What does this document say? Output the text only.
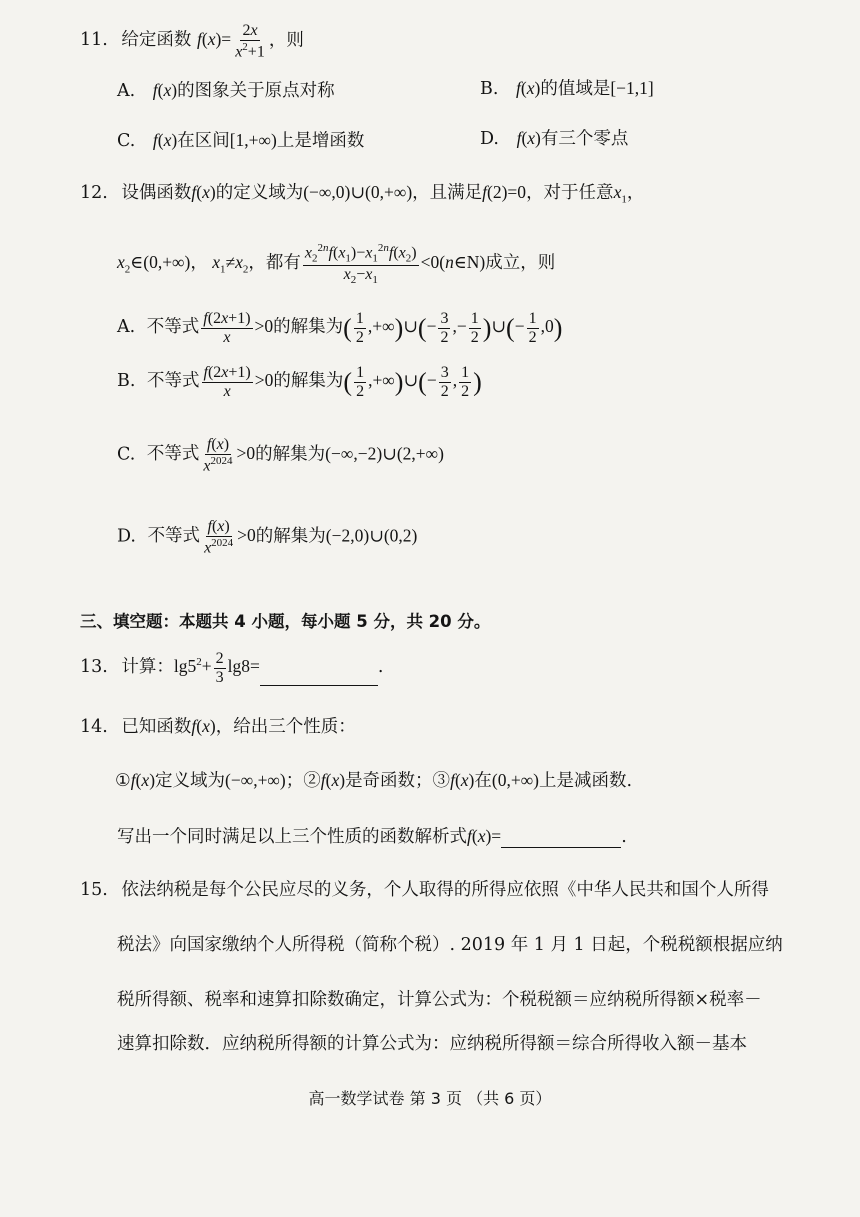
11. 给定函数 $f(x)= \frac{2x}{x^2+1}$ ，则
A. f(x)的图象关于原点对称	B. f(x)的值域是[−1,1]
C. f(x)在区间[1,+∞)上是增函数	D. f(x)有三个零点
12. 设偶函数f(x)的定义域为(−∞,0)∪(0,+∞)，且满足f(2)=0，对于任意$x_1$，
$x_2\in(0,+\infty)$， $x_1\ne x_2$，都有 $\frac{x_2^{2n}f(x_1)-x_1^{2n}f(x_2)}{x_2-x_1}$ <0(n∈N)成立，则
A. 不等式 $\frac{f(2x+1)}{x} >0$的解集为( $\frac{1}{2}$ ,+∞)∪(− $\frac{3}{2}$ ,− $\frac{1}{2}$ )∪(− $\frac{1}{2} ,0$)
B. 不等式 $\frac{f(2x+1)}{x} >0$的解集为( $\frac{1}{2}$ ,+∞)∪(− $\frac{3}{2}$ , $\frac{1}{2}$ )
C. 不等式 $\frac{f(x)}{x^{2024}} >0$的解集为(−∞,−2)∪(2,+∞)
D. 不等式 $\frac{f(x)}{x^{2024}} >0$的解集为(−2,0)∪(0,2)
三、填空题：本题共 4 小题，每小题 5 分，共 20 分。
13. 计算：$\lg 5^2+ \frac{2}{3} \lg 8=$	.
14. 已知函数f(x)，给出三个性质：
①f(x)定义域为(−∞,+∞)；②f(x)是奇函数；③f(x)在(0,+∞)上是减函数.
写出一个同时满足以上三个性质的函数解析式f(x)=	.
15. 依法纳税是每个公民应尽的义务，个人取得的所得应依照《中华人民共和国个人所得
税法》向国家缴纳个人所得税（简称个税）. 2019 年 1 月 1 日起，个税税额根据应纳
税所得额、税率和速算扣除数确定，计算公式为：个税税额＝应纳税所得额×税率－
速算扣除数．应纳税所得额的计算公式为：应纳税所得额＝综合所得收入额－基本
高一数学试卷 第 3 页 （共 6 页）
